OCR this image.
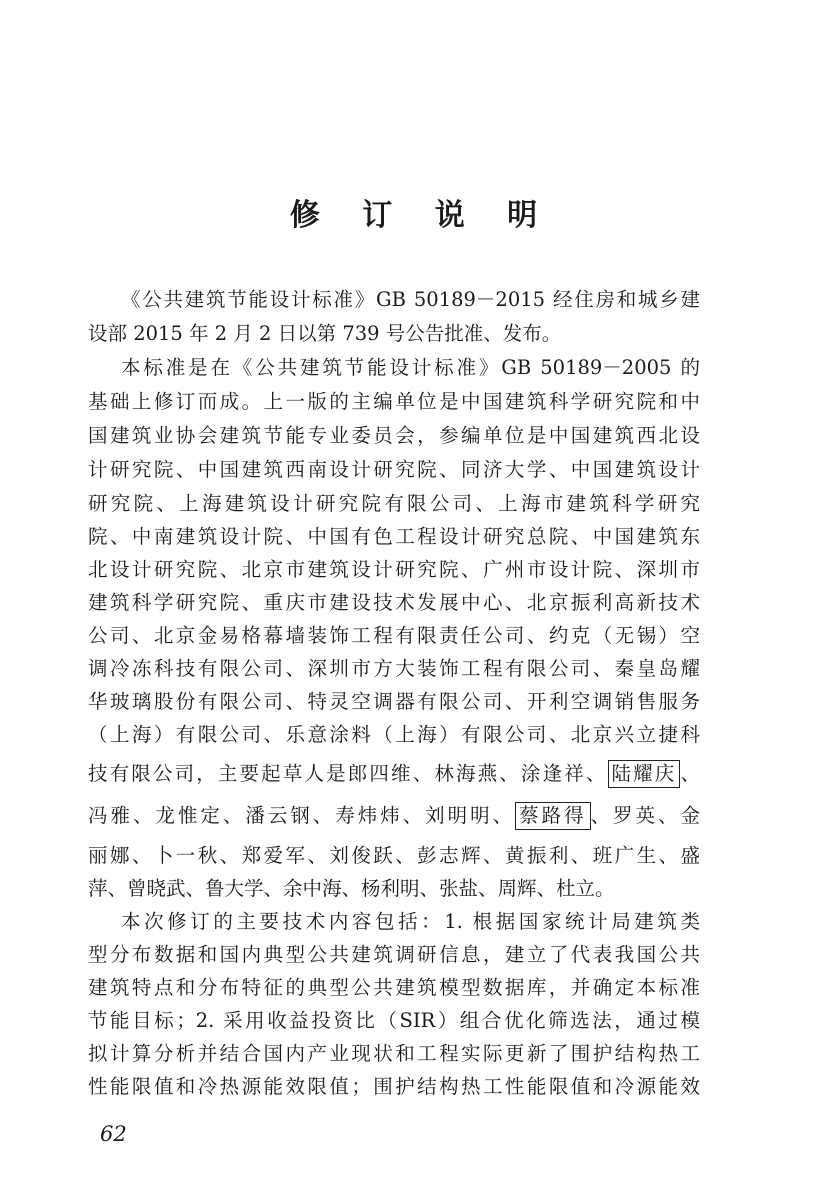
修 订 说 明
《公共建筑节能设计标准》GB 50189－2015 经住房和城乡建
设部 2015 年 2 月 2 日以第 739 号公告批准、发布。
本标准是在《公共建筑节能设计标准》GB 50189－2005 的
基础上修订而成。上一版的主编单位是中国建筑科学研究院和中
国建筑业协会建筑节能专业委员会，参编单位是中国建筑西北设
计研究院、中国建筑西南设计研究院、同济大学、中国建筑设计
研究院、上海建筑设计研究院有限公司、上海市建筑科学研究
院、中南建筑设计院、中国有色工程设计研究总院、中国建筑东
北设计研究院、北京市建筑设计研究院、广州市设计院、深圳市
建筑科学研究院、重庆市建设技术发展中心、北京振利高新技术
公司、北京金易格幕墙装饰工程有限责任公司、约克（无锡）空
调冷冻科技有限公司、深圳市方大装饰工程有限公司、秦皇岛耀
华玻璃股份有限公司、特灵空调器有限公司、开利空调销售服务
（上海）有限公司、乐意涂料（上海）有限公司、北京兴立捷科
技有限公司，主要起草人是郎四维、林海燕、涂逢祥、 陆耀庆 、
冯雅、龙惟定、潘云钢、寿炜炜、刘明明、 蔡路得 、罗英、金
丽娜、卜一秋、郑爱军、刘俊跃、彭志辉、黄振利、班广生、盛
萍、曾晓武、鲁大学、余中海、杨利明、张盐、周辉、杜立。
本次修订的主要技术内容包括：1. 根据国家统计局建筑类
型分布数据和国内典型公共建筑调研信息，建立了代表我国公共
建筑特点和分布特征的典型公共建筑模型数据库，并确定本标准
节能目标；2. 采用收益投资比（SIR）组合优化筛选法，通过模
拟计算分析并结合国内产业现状和工程实际更新了围护结构热工
性能限值和冷热源能效限值；围护结构热工性能限值和冷源能效
62
